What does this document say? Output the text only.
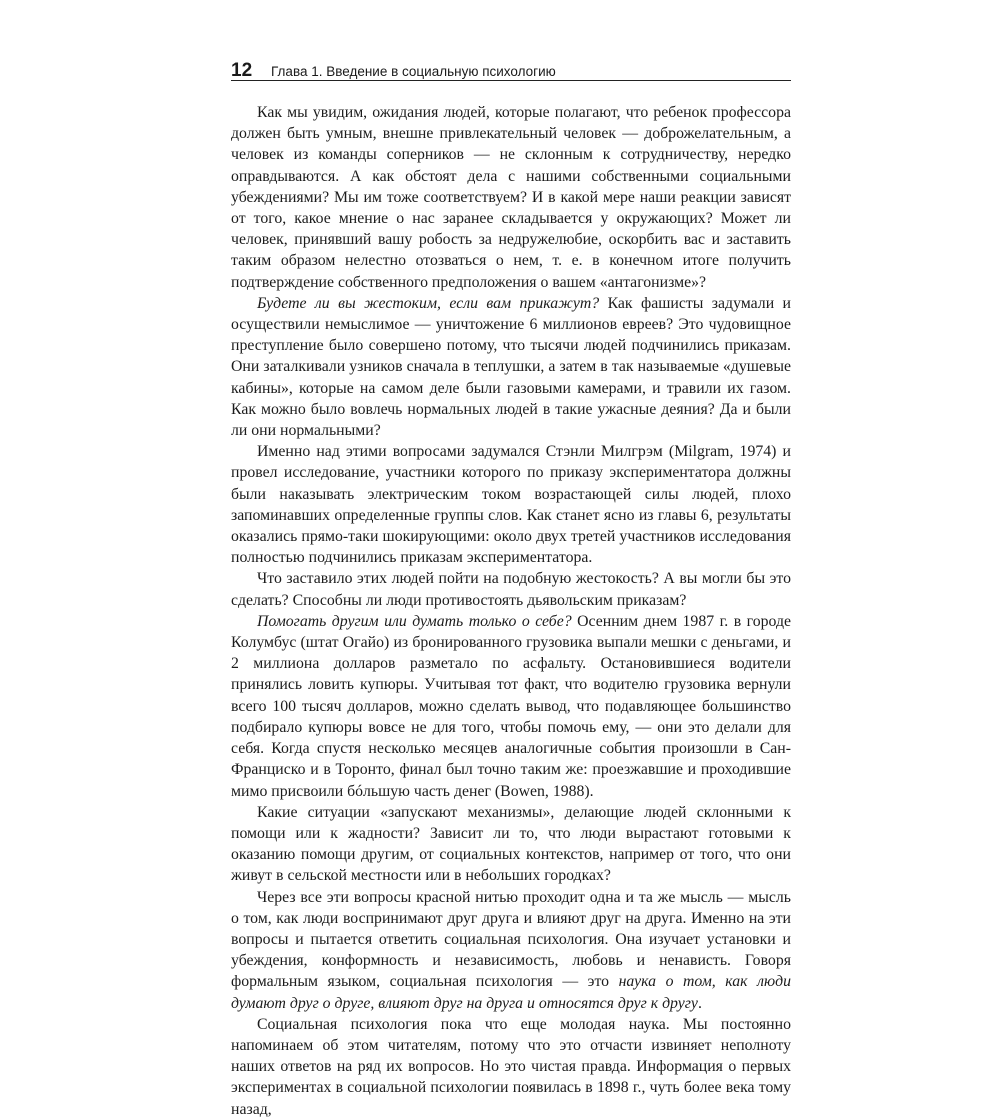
12 Глава 1. Введение в социальную психологию

Как мы увидим, ожидания людей, которые полагают, что ребенок профессора должен быть умным, внешне привлекательный человек — доброжелательным, а человек из команды соперников — не склонным к сотрудничеству, нередко оправдываются. А как обстоят дела с нашими собственными социальными убеждениями? Мы им тоже соответствуем? И в какой мере наши реакции зависят от того, какое мнение о нас заранее складывается у окружающих? Может ли человек, принявший вашу робость за недружелюбие, оскорбить вас и заставить таким образом нелестно отозваться о нем, т. е. в конечном итоге получить подтверждение собственного предположения о вашем «антагонизме»?

Будете ли вы жестоким, если вам прикажут? Как фашисты задумали и осуществили немыслимое — уничтожение 6 миллионов евреев? Это чудовищное преступление было совершено потому, что тысячи людей подчинились приказам. Они заталкивали узников сначала в теплушки, а затем в так называемые «душевые кабины», которые на самом деле были газовыми камерами, и травили их газом. Как можно было вовлечь нормальных людей в такие ужасные деяния? Да и были ли они нормальными?

Именно над этими вопросами задумался Стэнли Милгрэм (Milgram, 1974) и провел исследование, участники которого по приказу экспериментатора должны были наказывать электрическим током возрастающей силы людей, плохо запоминавших определенные группы слов. Как станет ясно из главы 6, результаты оказались прямо-таки шокирующими: около двух третей участников исследования полностью подчинились приказам экспериментатора.

Что заставило этих людей пойти на подобную жестокость? А вы могли бы это сделать? Способны ли люди противостоять дьявольским приказам?

Помогать другим или думать только о себе? Осенним днем 1987 г. в городе Колумбус (штат Огайо) из бронированного грузовика выпали мешки с деньгами, и 2 миллиона долларов разметало по асфальту. Остановившиеся водители принялись ловить купюры. Учитывая тот факт, что водителю грузовика вернули всего 100 тысяч долларов, можно сделать вывод, что подавляющее большинство подбирало купюры вовсе не для того, чтобы помочь ему, — они это делали для себя. Когда спустя несколько месяцев аналогичные события произошли в Сан-Франциско и в Торонто, финал был точно таким же: проезжавшие и проходившие мимо присвоили бóльшую часть денег (Bowen, 1988).

Какие ситуации «запускают механизмы», делающие людей склонными к помощи или к жадности? Зависит ли то, что люди вырастают готовыми к оказанию помощи другим, от социальных контекстов, например от того, что они живут в сельской местности или в небольших городках?

Через все эти вопросы красной нитью проходит одна и та же мысль — мысль о том, как люди воспринимают друг друга и влияют друг на друга. Именно на эти вопросы и пытается ответить социальная психология. Она изучает установки и убеждения, конформность и независимость, любовь и ненависть. Говоря формальным языком, социальная психология — это наука о том, как люди думают друг о друге, влияют друг на друга и относятся друг к другу.

Социальная психология пока что еще молодая наука. Мы постоянно напоминаем об этом читателям, потому что это отчасти извиняет неполноту наших ответов на ряд их вопросов. Но это чистая правда. Информация о первых экспериментах в социальной психологии появилась в 1898 г., чуть более века тому назад,
